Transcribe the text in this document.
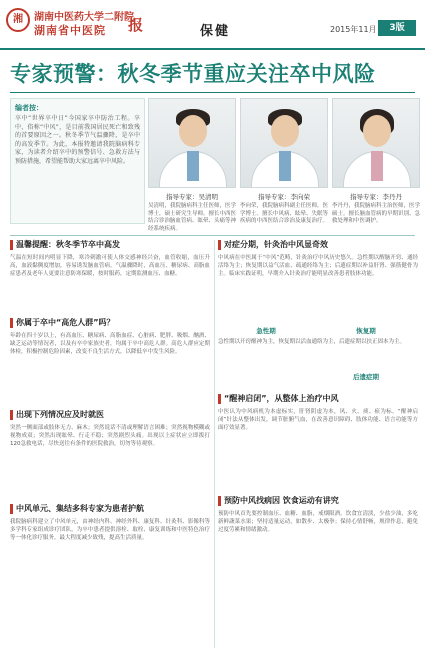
湘	湖南中医药大学二附院
湖南省中医院 报	保健	2015年11月	3版
专家预警：秋冬季节重应关注卒中风险
编者按：
卒中“世界卒中日”今国家卒中防治工程。卒中，俗称“中风”，是目前我国居民死亡和致残的首要原因之一。秋冬季节气温骤降，是卒中的高发季节。为此，本报特邀请我院脑病科专家，为读者介绍卒中的预警信号、急救方法与预防措施，希望能帮助大家远离卒中风险。
指导专家：吴清明	指导专家：李向荣	指导专家：李丹丹
吴清明，我院脑病科主任医师，医学博士，硕士研究生导师。擅长中西医结合诊治脑血管病、眩晕、头痛等神经系统疾病。
李向荣，我院脑病科副主任医师，医学博士。擅长中风病、眩晕、失眠等疾病的中西医结合诊治及康复治疗。
李丹丹，我院脑病科主治医师，医学硕士。擅长脑血管病的早期识别、急救处理和中医调护。
温馨提醒：秋冬季节卒中高发
气温在短时间内明显下降，寒冷刺激可使人体交感神经兴奋，血管收缩，血压升高，血液黏稠度增加，容易诱发脑血管病。气温骤降时，高血压、糖尿病、高脂血症患者及老年人更要注意防寒保暖，按时服药，定期监测血压、血糖。
你属于卒中“高危人群”吗？
年龄在四十岁以上，有高血压、糖尿病、高脂血症、心脏病、肥胖、吸烟、酗酒、缺乏运动等情况者，以及有卒中家族史者，均属于卒中高危人群。高危人群应定期体检，积极控制危险因素，改变不良生活方式，以降低卒中发生风险。
出现下列情况应及时就医
突然一侧面部或肢体无力、麻木；突然说话不清或理解语言困难；突然视物模糊或视物成双；突然出现眩晕、行走不稳；突然剧烈头痛。出现以上症状应立即拨打120急救电话，尽快送往有条件的医院救治，切勿等待观察。
中风单元、集结多科专家为患者护航
我院脑病科建立了中风单元，由神经内科、神经外科、康复科、针灸科、影像科等多学科专家组成诊疗团队，为卒中患者提供溶栓、取栓、康复训练和中医特色治疗等一体化诊疗服务，最大程度减少致残，提高生活质量。
对症分期，针灸治中风显奇效
中风病在中医属于“中风”范畴，针灸治疗中风历史悠久。急性期以醒脑开窍、通经活络为主；恢复期以益气活血、疏通经络为主；后遗症期以补益肝肾、强筋健骨为主。临床实践证明，早期介入针灸治疗能明显改善患者肢体功能。
急性期	恢复期
后遗症期
急性期以开窍醒神为主，恢复期以活血通络为主，后遗症期以扶正固本为主。
“醒神启闭”，从整体上治疗中风
中医认为中风病机为本虚标实，肝肾阴虚为本，风、火、痰、瘀为标。“醒神启闭”针法从整体出发，调节脏腑气血，在改善意识障碍、肢体功能、语言功能等方面疗效显著。
预防中风找病因 饮食运动有讲究
预防中风首先要控制血压、血糖、血脂，戒烟限酒。饮食宜清淡，少盐少油，多吃新鲜蔬菜水果；坚持适量运动，如散步、太极拳；保持心情舒畅，规律作息，避免过度劳累和情绪激动。
